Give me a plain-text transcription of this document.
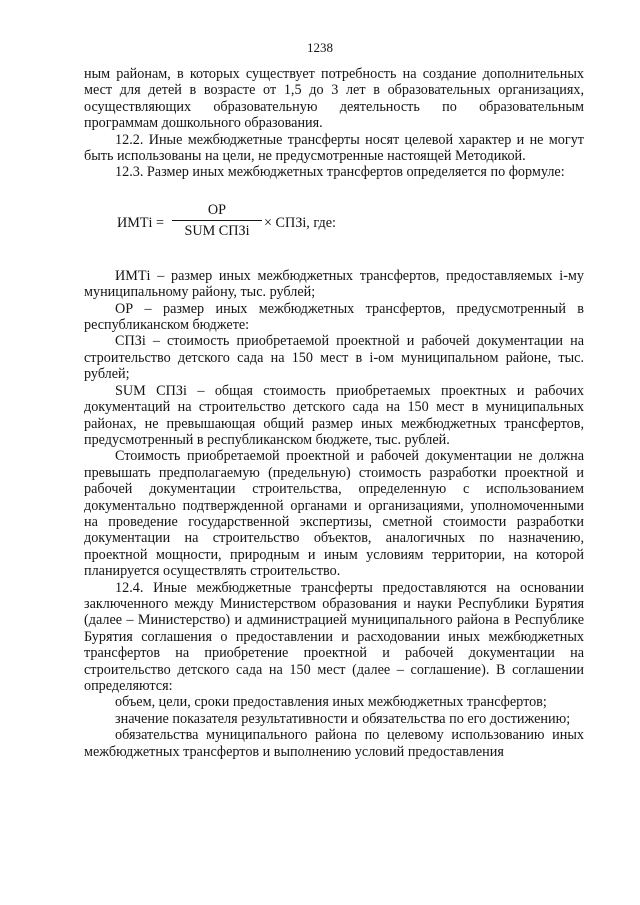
1238

ным районам, в которых существует потребность на создание дополнительных мест для детей в возрасте от 1,5 до 3 лет в образовательных организациях, осуществляющих образовательную деятельность по образовательным программам дошкольного образования.

12.2. Иные межбюджетные трансферты носят целевой характер и не могут быть использованы на цели, не предусмотренные настоящей Методикой.

12.3. Размер иных межбюджетных трансфертов определяется по формуле:

ИМТi =
ОР
SUM СПЗi	× СПЗi, где:

ИМТi – размер иных межбюджетных трансфертов, предоставляемых i-му муниципальному району, тыс. рублей;

ОР – размер иных межбюджетных трансфертов, предусмотренный в республиканском бюджете:

СПЗi – стоимость приобретаемой проектной и рабочей документации на строительство детского сада на 150 мест в i-ом муниципальном районе, тыс. рублей;

SUM СПЗi – общая стоимость приобретаемых проектных и рабочих документаций на строительство детского сада на 150 мест в муниципальных районах, не превышающая общий размер иных межбюджетных трансфертов, предусмотренный в республиканском бюджете, тыс. рублей.

Стоимость приобретаемой проектной и рабочей документации не должна превышать предполагаемую (предельную) стоимость разработки проектной и рабочей документации строительства, определенную с использованием документально подтвержденной органами и организациями, уполномоченными на проведение государственной экспертизы, сметной стоимости разработки документации на строительство объектов, аналогичных по назначению, проектной мощности, природным и иным условиям территории, на которой планируется осуществлять строительство.

12.4. Иные межбюджетные трансферты предоставляются на основании заключенного между Министерством образования и науки Республики Бурятия (далее – Министерство) и администрацией муниципального района в Республике Бурятия соглашения о предоставлении и расходовании иных межбюджетных трансфертов на приобретение проектной и рабочей документации на строительство детского сада на 150 мест (далее – соглашение). В соглашении определяются:

объем, цели, сроки предоставления иных межбюджетных трансфертов;

значение показателя результативности и обязательства по его достижению;

обязательства муниципального района по целевому использованию иных межбюджетных трансфертов и выполнению условий предоставления
